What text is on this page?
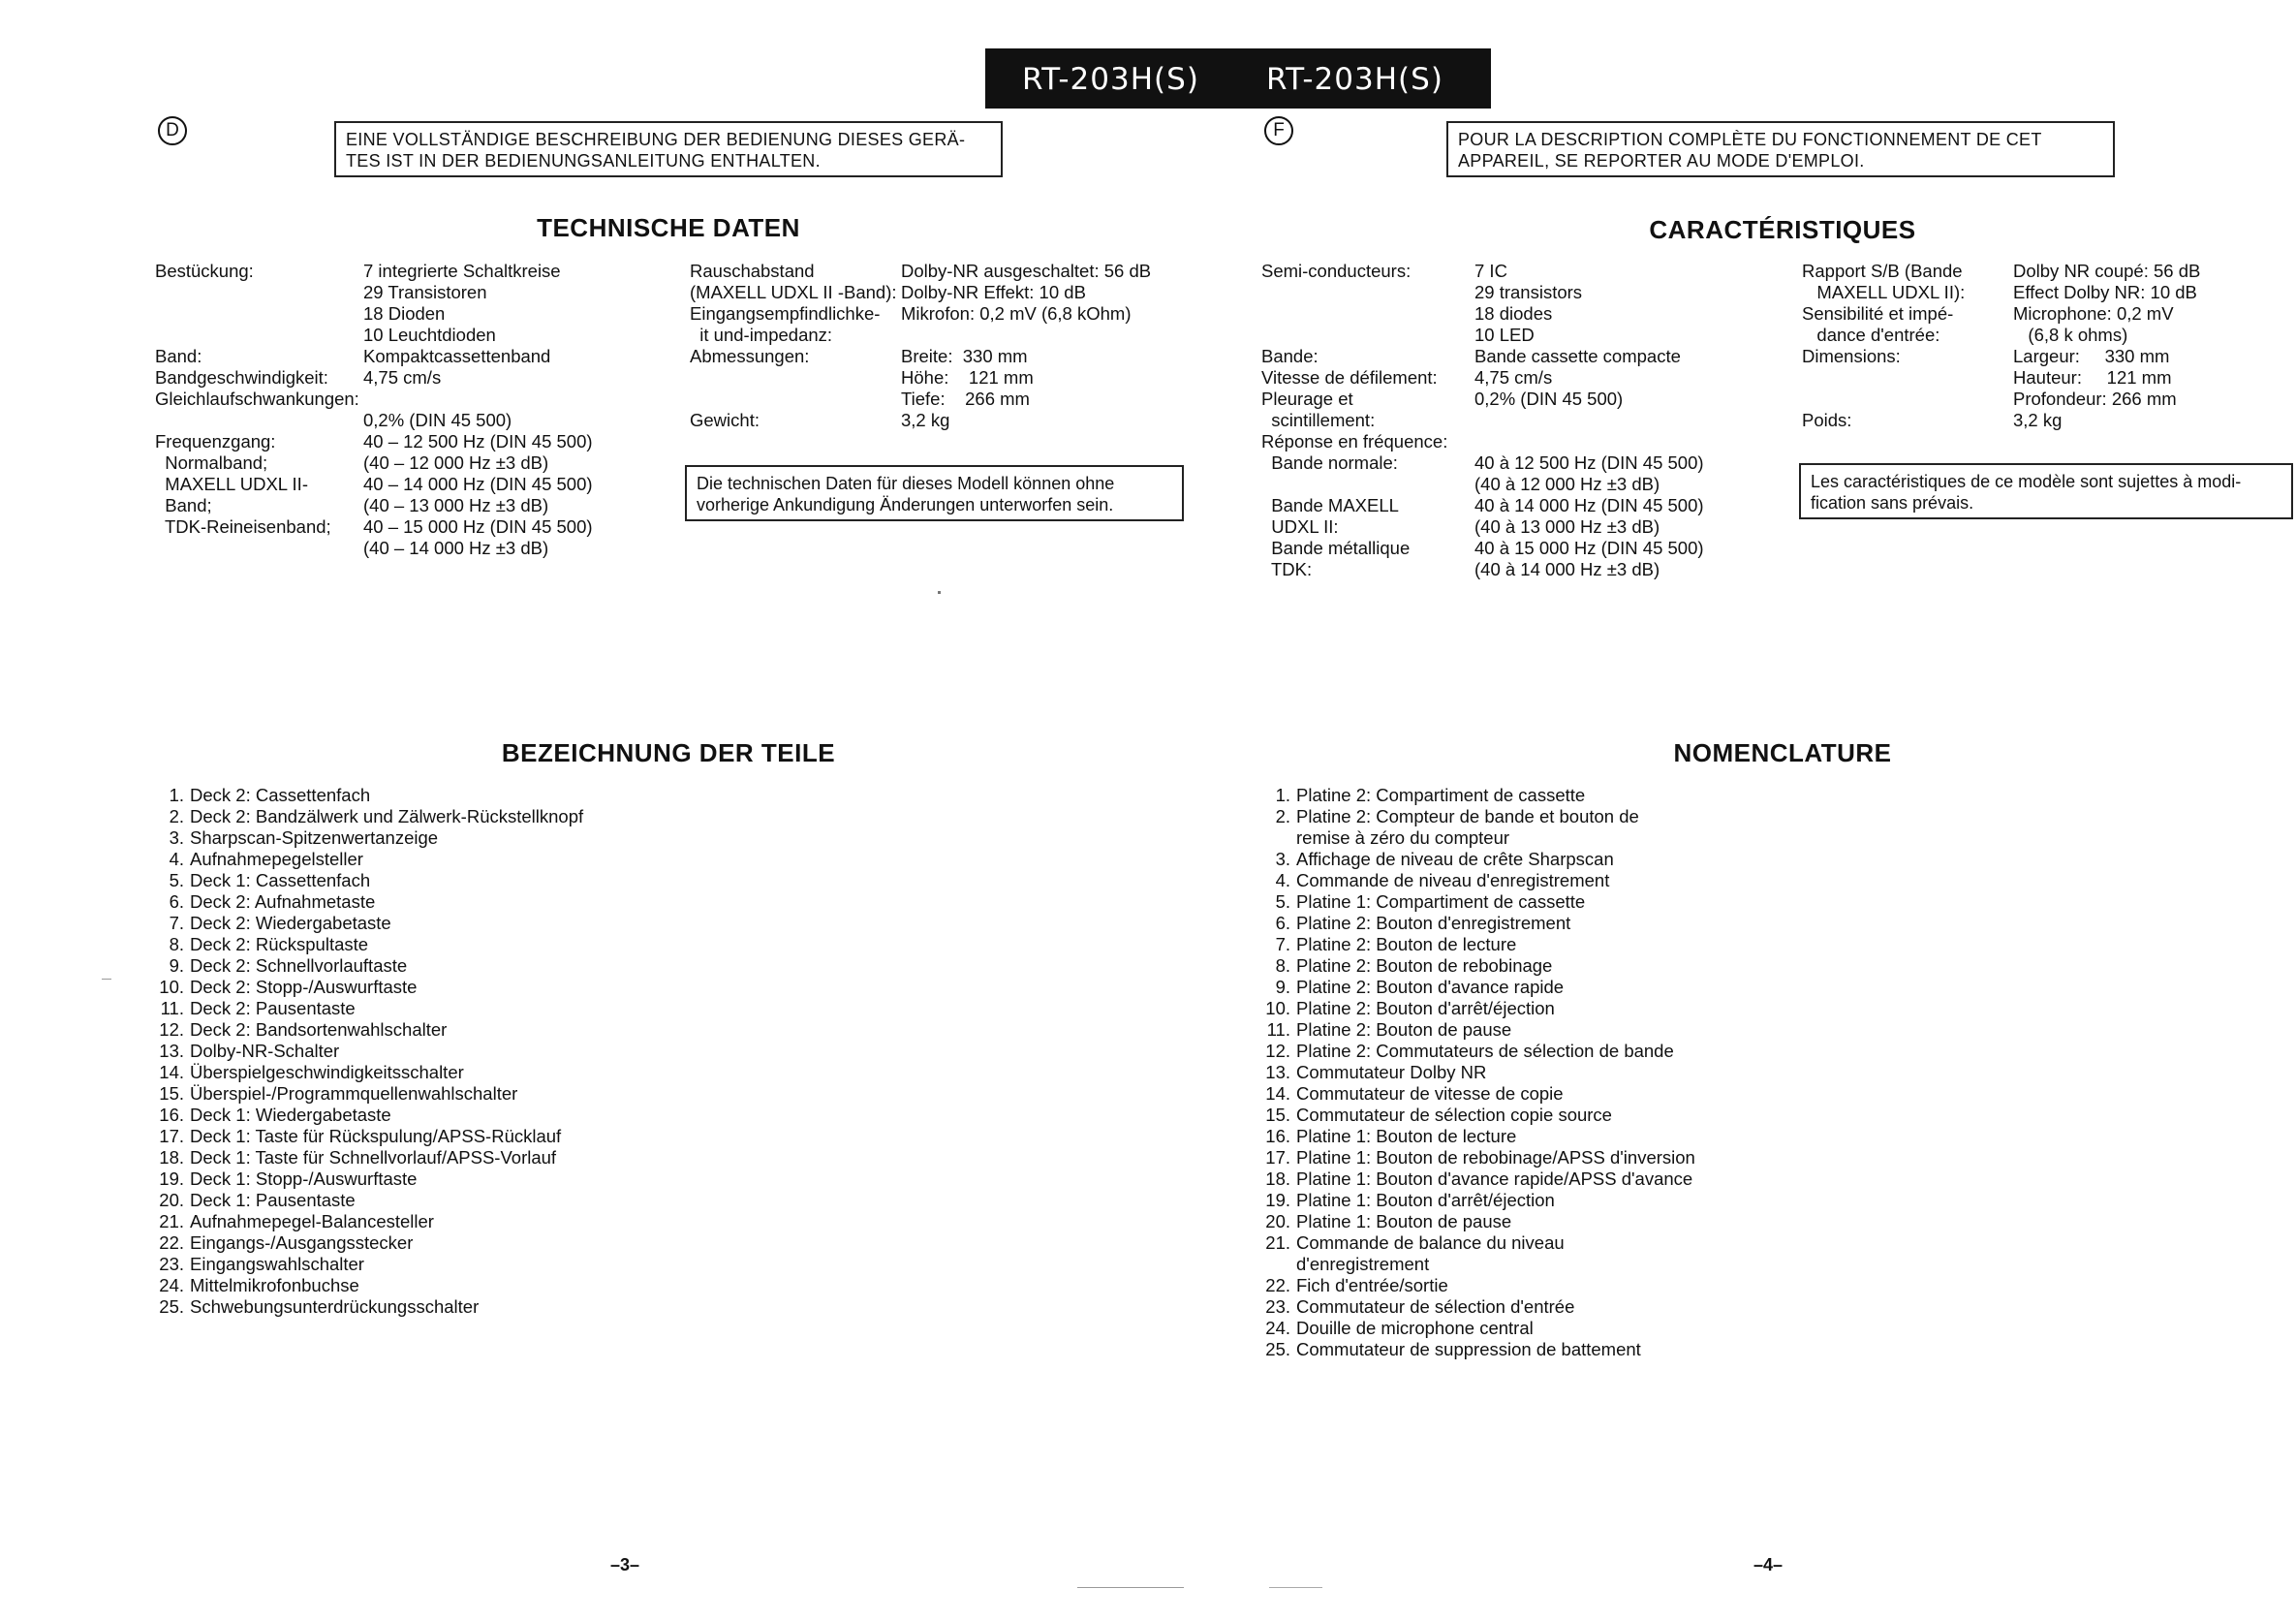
RT-203H(S) RT-203H(S)
D	EINE VOLLSTÄNDIGE BESCHREIBUNG DER BEDIENUNG DIESES GERÄ-
TES IST IN DER BEDIENUNGSANLEITUNG ENTHALTEN.
TECHNISCHE DATEN
Bestückung:	7 integrierte Schaltkreise
29 Transistoren
18 Dioden
10 Leuchtdioden
Band:	Kompaktcassettenband
Bandgeschwindigkeit: 4,75 cm/s
Gleichlaufschwankungen:
0,2% (DIN 45 500)
Frequenzgang:	40 – 12 500 Hz (DIN 45 500)
Normalband;	(40 – 12 000 Hz ±3 dB)
MAXELL UDXL II-	40 – 14 000 Hz (DIN 45 500)
Band;	(40 – 13 000 Hz ±3 dB)
TDK-Reineisenband; 40 – 15 000 Hz (DIN 45 500)
(40 – 14 000 Hz ±3 dB)
Rauschabstand	Dolby-NR ausgeschaltet: 56 dB
(MAXELL UDXL II -Band): Dolby-NR Effekt: 10 dB
Eingangsempfindlichke- Mikrofon: 0,2 mV (6,8 kOhm)
it und-impedanz:
Abmessungen:	Breite:  330 mm
Höhe:    121 mm
Tiefe:    266 mm
Gewicht:	3,2 kg
Die technischen Daten für dieses Modell können ohne
vorherige Ankundigung Änderungen unterworfen sein.
BEZEICHNUNG DER TEILE
1. Deck 2: Cassettenfach
2. Deck 2: Bandzälwerk und Zälwerk-Rückstellknopf
3. Sharpscan-Spitzenwertanzeige
4. Aufnahmepegelsteller
5. Deck 1: Cassettenfach
6. Deck 2: Aufnahmetaste
7. Deck 2: Wiedergabetaste
8. Deck 2: Rückspultaste
9. Deck 2: Schnellvorlauftaste
10. Deck 2: Stopp-/Auswurftaste
11. Deck 2: Pausentaste
12. Deck 2: Bandsortenwahlschalter
13. Dolby-NR-Schalter
14. Überspielgeschwindigkeitsschalter
15. Überspiel-/Programmquellenwahlschalter
16. Deck 1: Wiedergabetaste
17. Deck 1: Taste für Rückspulung/APSS-Rücklauf
18. Deck 1: Taste für Schnellvorlauf/APSS-Vorlauf
19. Deck 1: Stopp-/Auswurftaste
20. Deck 1: Pausentaste
21. Aufnahmepegel-Balancesteller
22. Eingangs-/Ausgangsstecker
23. Eingangswahlschalter
24. Mittelmikrofonbuchse
25. Schwebungsunterdrückungsschalter
–3–
F	POUR LA DESCRIPTION COMPLÈTE DU FONCTIONNEMENT DE CET
APPAREIL, SE REPORTER AU MODE D'EMPLOI.
CARACTÉRISTIQUES
Semi-conducteurs:	7 IC
29 transistors
18 diodes
10 LED
Bande:	Bande cassette compacte
Vitesse de défilement: 4,75 cm/s
Pleurage et	0,2% (DIN 45 500)
scintillement:
Réponse en fréquence:
Bande normale:	40 à 12 500 Hz (DIN 45 500)
(40 à 12 000 Hz ±3 dB)
Bande MAXELL	40 à 14 000 Hz (DIN 45 500)
UDXL II:	(40 à 13 000 Hz ±3 dB)
Bande métallique	40 à 15 000 Hz (DIN 45 500)
TDK:	(40 à 14 000 Hz ±3 dB)
Rapport S/B (Bande	Dolby NR coupé: 56 dB
MAXELL UDXL II):	Effect Dolby NR: 10 dB
Sensibilité et impé-	Microphone: 0,2 mV
dance d'entrée:	(6,8 k ohms)
Dimensions:	Largeur:     330 mm
Hauteur:     121 mm
Profondeur: 266 mm
Poids:	3,2 kg
Les caractéristiques de ce modèle sont sujettes à modi-
fication sans prévais.
NOMENCLATURE
1. Platine 2: Compartiment de cassette
2. Platine 2: Compteur de bande et bouton de
remise à zéro du compteur
3. Affichage de niveau de crête Sharpscan
4. Commande de niveau d'enregistrement
5. Platine 1: Compartiment de cassette
6. Platine 2: Bouton d'enregistrement
7. Platine 2: Bouton de lecture
8. Platine 2: Bouton de rebobinage
9. Platine 2: Bouton d'avance rapide
10. Platine 2: Bouton d'arrêt/éjection
11. Platine 2: Bouton de pause
12. Platine 2: Commutateurs de sélection de bande
13. Commutateur Dolby NR
14. Commutateur de vitesse de copie
15. Commutateur de sélection copie source
16. Platine 1: Bouton de lecture
17. Platine 1: Bouton de rebobinage/APSS d'inversion
18. Platine 1: Bouton d'avance rapide/APSS d'avance
19. Platine 1: Bouton d'arrêt/éjection
20. Platine 1: Bouton de pause
21. Commande de balance du niveau
d'enregistrement
22. Fich d'entrée/sortie
23. Commutateur de sélection d'entrée
24. Douille de microphone central
25. Commutateur de suppression de battement
–4–
